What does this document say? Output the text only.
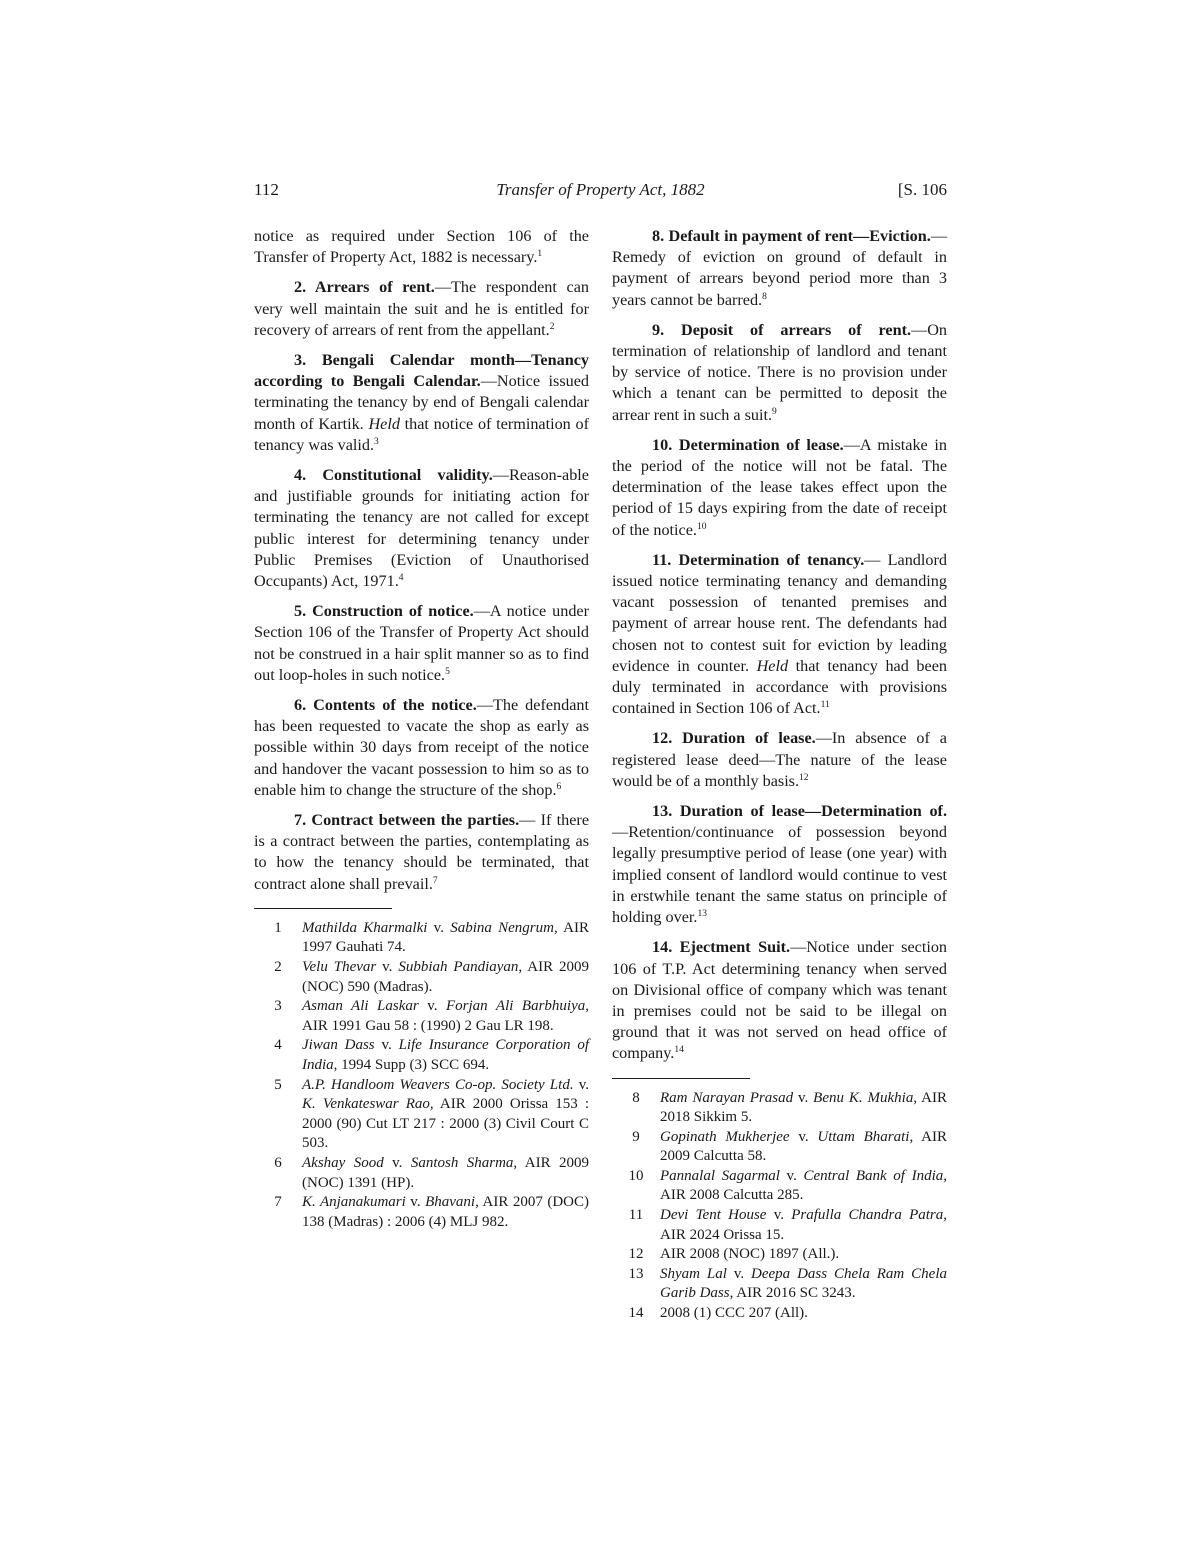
112	Transfer of Property Act, 1882	[S. 106

notice as required under Section 106 of the Transfer of Property Act, 1882 is necessary.$^1$

2. Arrears of rent.—The respondent can very well maintain the suit and he is entitled for recovery of arrears of rent from the appellant.$^2$

3. Bengali Calendar month—Tenancy according to Bengali Calendar.—Notice issued terminating the tenancy by end of Bengali calendar month of Kartik. Held that notice of termination of tenancy was valid.$^3$

4. Constitutional validity.—Reason-able and justifiable grounds for initiating action for terminating the tenancy are not called for except public interest for determining tenancy under Public Premises (Eviction of Unauthorised Occupants) Act, 1971.$^4$

5. Construction of notice.—A notice under Section 106 of the Transfer of Property Act should not be construed in a hair split manner so as to find out loop-holes in such notice.$^5$

6. Contents of the notice.—The defendant has been requested to vacate the shop as early as possible within 30 days from receipt of the notice and handover the vacant possession to him so as to enable him to change the structure of the shop.$^6$

7. Contract between the parties.— If there is a contract between the parties, contemplating as to how the tenancy should be terminated, that contract alone shall prevail.$^7$

1	Mathilda Kharmalki v. Sabina Nengrum, AIR 1997 Gauhati 74.
2	Velu Thevar v. Subbiah Pandiayan, AIR 2009 (NOC) 590 (Madras).
3	Asman Ali Laskar v. Forjan Ali Barbhuiya, AIR 1991 Gau 58 : (1990) 2 Gau LR 198.
4	Jiwan Dass v. Life Insurance Corporation of India, 1994 Supp (3) SCC 694.
5	A.P. Handloom Weavers Co-op. Society Ltd. v. K. Venkateswar Rao, AIR 2000 Orissa 153 : 2000 (90) Cut LT 217 : 2000 (3) Civil Court C 503.
6	Akshay Sood v. Santosh Sharma, AIR 2009 (NOC) 1391 (HP).
7	K. Anjanakumari v. Bhavani, AIR 2007 (DOC) 138 (Madras) : 2006 (4) MLJ 982.

8. Default in payment of rent—Eviction.—Remedy of eviction on ground of default in payment of arrears beyond period more than 3 years cannot be barred.$^8$

9. Deposit of arrears of rent.—On termination of relationship of landlord and tenant by service of notice. There is no provision under which a tenant can be permitted to deposit the arrear rent in such a suit.$^9$

10. Determination of lease.—A mistake in the period of the notice will not be fatal. The determination of the lease takes effect upon the period of 15 days expiring from the date of receipt of the notice.$^{10}$

11. Determination of tenancy.— Landlord issued notice terminating tenancy and demanding vacant possession of tenanted premises and payment of arrear house rent. The defendants had chosen not to contest suit for eviction by leading evidence in counter. Held that tenancy had been duly terminated in accordance with provisions contained in Section 106 of Act.$^{11}$

12. Duration of lease.—In absence of a registered lease deed—The nature of the lease would be of a monthly basis.$^{12}$

13. Duration of lease—Determination of.—Retention/continuance of possession beyond legally presumptive period of lease (one year) with implied consent of landlord would continue to vest in erstwhile tenant the same status on principle of holding over.$^{13}$

14. Ejectment Suit.—Notice under section 106 of T.P. Act determining tenancy when served on Divisional office of company which was tenant in premises could not be said to be illegal on ground that it was not served on head office of company.$^{14}$

8	Ram Narayan Prasad v. Benu K. Mukhia, AIR 2018 Sikkim 5.
9	Gopinath Mukherjee v. Uttam Bharati, AIR 2009 Calcutta 58.
10	Pannalal Sagarmal v. Central Bank of India, AIR 2008 Calcutta 285.
11	Devi Tent House v. Prafulla Chandra Patra, AIR 2024 Orissa 15.
12	AIR 2008 (NOC) 1897 (All.).
13	Shyam Lal v. Deepa Dass Chela Ram Chela Garib Dass, AIR 2016 SC 3243.
14	2008 (1) CCC 207 (All).
